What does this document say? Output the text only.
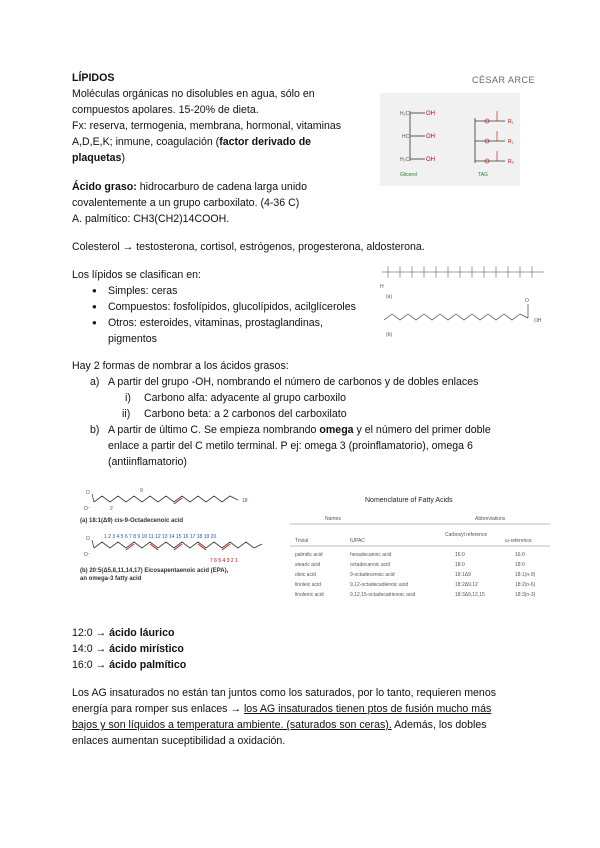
LÍPIDOS	CÉSAR ARCE
Moléculas orgánicas no disolubles en agua, sólo en
compuestos apolares. 15-20% de dieta.
Fx: reserva, termogenia, membrana, hormonal, vitaminas
A,D,E,K; inmune, coagulación (factor derivado de
plaquetas)
H₂C
HC
H₂C
OH
OH
OH
Glicerol
R₁
R₂
R₃
TAG
Ácido graso: hidrocarburo de cadena larga unido
covalentemente a un grupo carboxilato. (4-36 C)
A. palmítico: CH3(CH2)14COOH.
Colesterol → testosterona, cortisol, estrógenos, progesterona, aldosterona.
Los lípidos se clasifican en:
● Simples: ceras
● Compuestos: fosfolípidos, glucolípidos, acilglíceroles
● Otros: esteroides, vitaminas, prostaglandinas,
pigmentos
H
(a)
O
OH
(b)
Hay 2 formas de nombrar a los ácidos grasos:
a) A partir del grupo -OH, nombrando el número de carbonos y de dobles enlaces
i) Carbono alfa: adyacente al grupo carboxilo
ii) Carbono beta: a 2 carbonos del carboxilato
b) A partir de último C. Se empieza nombrando omega y el número del primer doble
enlace a partir del C metilo terminal. P ej: omega 3 (proinflamatorio), omega 6
(antiinflamatorio)
O
O⁻	2
9
18
(a) 18:1(Δ9) cis-9-Octadecenoic acid
O
O⁻
1 2 3 4 5 6 7 8 9 10 11 12 13 14 15 16 17 18 19 20
7 6 5 4 3 2 1
(b) 20:5(Δ5,8,11,14,17) Eicosapentaenoic acid (EPA),
an omega-3 fatty acid
Nomenclature of Fatty Acids
Names	Abbreviations
Trivial	IUPAC
Carboxyl reference
ω-reference
palmitic acid	hexadecanoic acid	16:0	16:0
stearic acid	octadecanoic acid	18:0	18:0
oleic acid	9-octadecenoic acid	18:1Δ9	18:1(n-9)
linoleic acid	9,12-octadecadienoic acid	18:2Δ9,12	18:2(n-6)
linolenic acid	9,12,15-octadecatrienoic acid	18:3Δ9,12,15	18:3(n-3)
12:0 → ácido láurico
14:0 → ácido mirístico
16:0 → ácido palmítico
Los AG insaturados no están tan juntos como los saturados, por lo tanto, requieren menos
energía para romper sus enlaces → los AG insaturados tienen ptos de fusión mucho más
bajos y son líquidos a temperatura ambiente. (saturados son ceras). Además, los dobles
enlaces aumentan suceptibilidad a oxidación.
